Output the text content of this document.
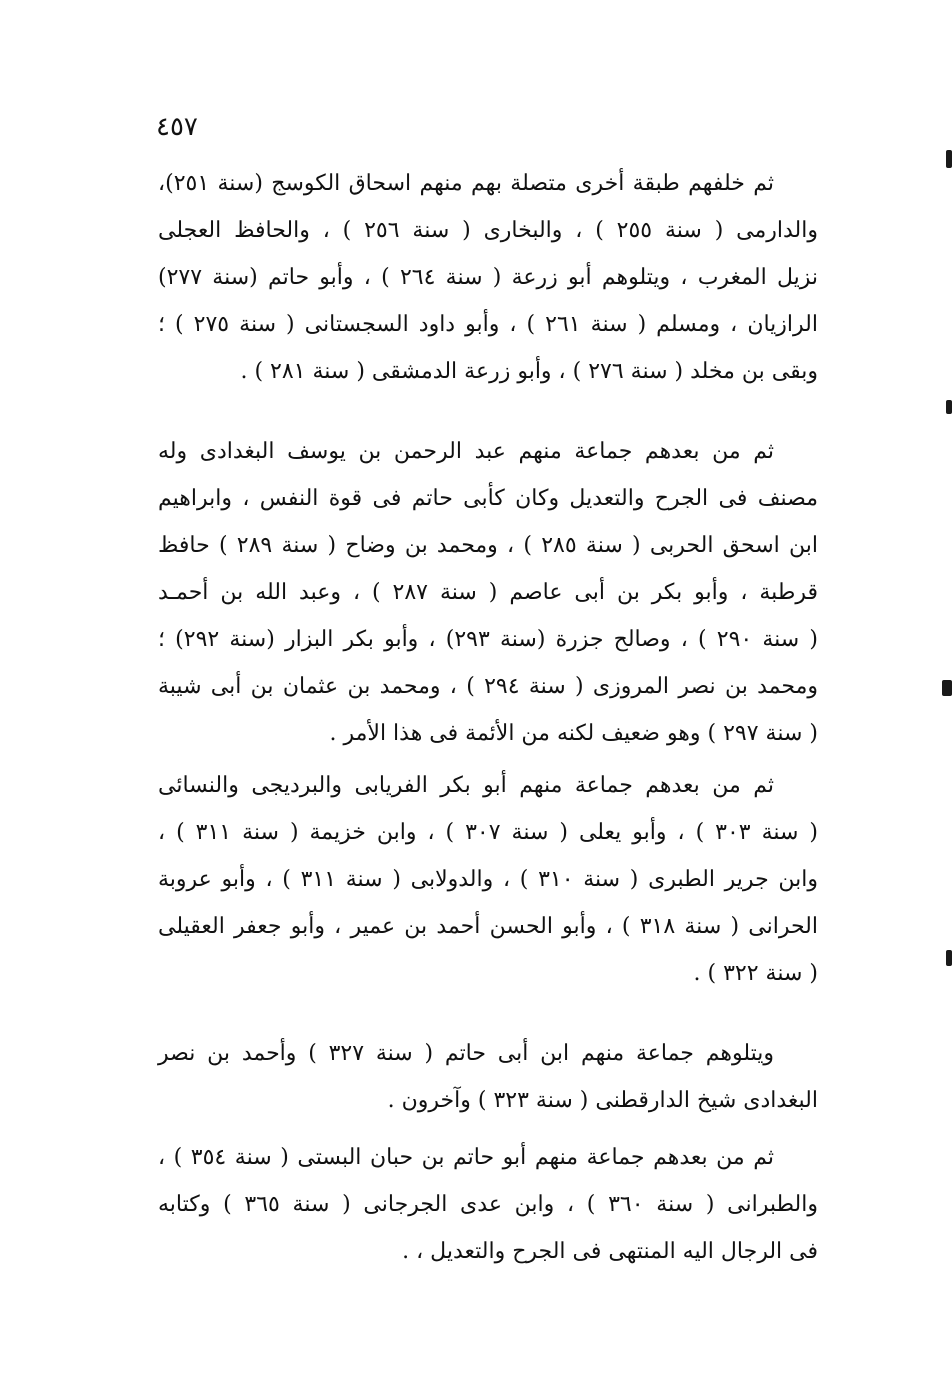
٤٥٧
ثم خلفهم طبقة أخرى متصلة بهم منهم اسحاق الكوسج (سنة ٢٥١)،
والدارمى ( سنة ٢٥٥ ) ، والبخارى ( سنة ٢٥٦ ) ، والحافظ العجلى
نزيل المغرب ، ويتلوهم أبو زرعة ( سنة ٢٦٤ ) ، وأبو حاتم (سنة ٢٧٧)
الرازيان ، ومسلم ( سنة ٢٦١ ) ، وأبو داود السجستانى ( سنة ٢٧٥ ) ؛
وبقى بن مخلد ( سنة ٢٧٦ ) ، وأبو زرعة الدمشقى ( سنة ٢٨١ ) .
ثم من بعدهم جماعة منهم عبد الرحمن بن يوسف البغدادى وله
مصنف فى الجرح والتعديل وكان كأبى حاتم فى قوة النفس ، وابراهيم
ابن اسحق الحربى ( سنة ٢٨٥ ) ، ومحمد بن وضاح ( سنة ٢٨٩ ) حافظ
قرطبة ، وأبو بكر بن أبى عاصم ( سنة ٢٨٧ ) ، وعبد الله بن أحمـد
( سنة ٢٩٠ ) ، وصالح جزرة (سنة ٢٩٣) ، وأبو بكر البزار (سنة ٢٩٢) ؛
ومحمد بن نصر المروزى ( سنة ٢٩٤ ) ، ومحمد بن عثمان بن أبى شيبة
( سنة ٢٩٧ ) وهو ضعيف لكنه من الأئمة فى هذا الأمر .
ثم من بعدهم جماعة منهم أبو بكر الفريابى والبرديجى والنسائى
( سنة ٣٠٣ ) ، وأبو يعلى ( سنة ٣٠٧ ) ، وابن خزيمة ( سنة ٣١١ ) ،
وابن جرير الطبرى ( سنة ٣١٠ ) ، والدولابى ( سنة ٣١١ ) ، وأبو عروبة
الحرانى ( سنة ٣١٨ ) ، وأبو الحسن أحمد بن عمير ، وأبو جعفر العقيلى
( سنة ٣٢٢ ) .
ويتلوهم جماعة منهم ابن أبى حاتم ( سنة ٣٢٧ ) وأحمد بن نصر
البغدادى شيخ الدارقطنى ( سنة ٣٢٣ ) وآخرون .
ثم من بعدهم جماعة منهم أبو حاتم بن حبان البستى ( سنة ٣٥٤ ) ،
والطبرانى ( سنة ٣٦٠ ) ، وابن عدى الجرجانى ( سنة ٣٦٥ ) وكتابه
فى الرجال اليه المنتهى فى الجرح والتعديل ، .
